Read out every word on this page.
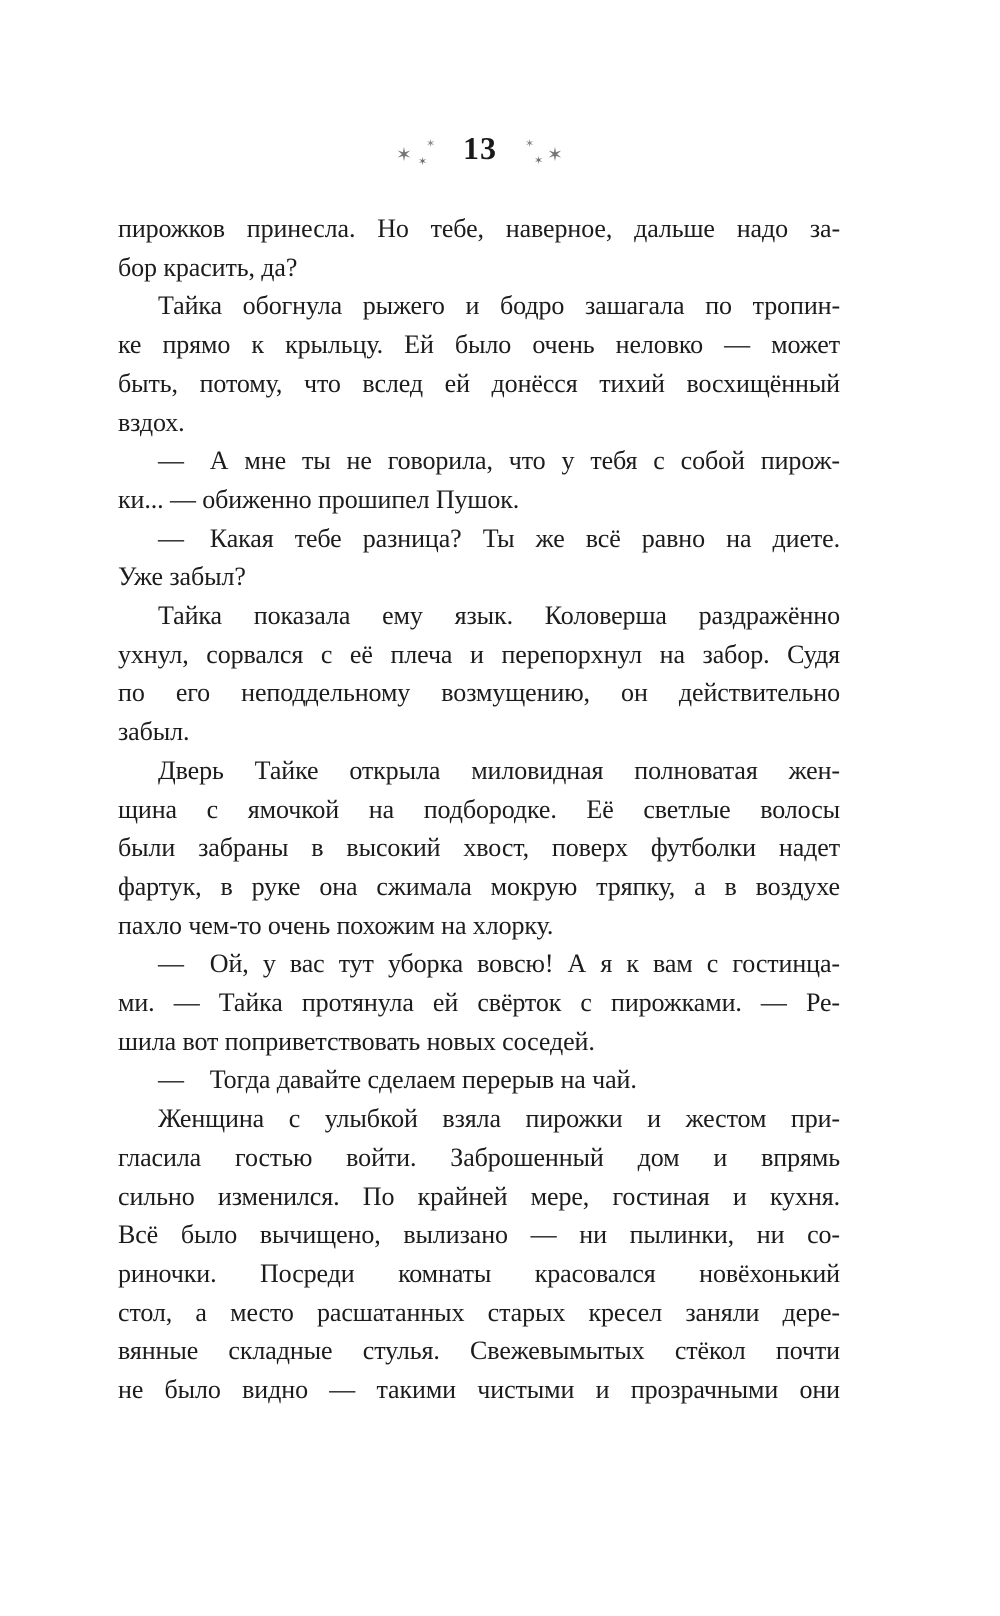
✶
✶ ✶	13	✶
✶ ✶
пирожков принесла. Но тебе, наверное, дальше надо за-
бор красить, да?
Тайка обогнула рыжего и бодро зашагала по тропин-
ке прямо к крыльцу. Ей было очень неловко — может
быть, потому, что вслед ей донёсся тихий восхищённый
вздох.
— А мне ты не говорила, что у тебя с собой пирож-
ки... — обиженно прошипел Пушок.
— Какая тебе разница? Ты же всё равно на диете.
Уже забыл?
Тайка показала ему язык. Коловерша раздражённо
ухнул, сорвался с её плеча и перепорхнул на забор. Судя
по его неподдельному возмущению, он действительно
забыл.
Дверь Тайке открыла миловидная полноватая жен-
щина с ямочкой на подбородке. Её светлые волосы
были забраны в высокий хвост, поверх футболки надет
фартук, в руке она сжимала мокрую тряпку, а в воздухе
пахло чем-то очень похожим на хлорку.
— Ой, у вас тут уборка вовсю! А я к вам с гостинца-
ми. — Тайка протянула ей свёрток с пирожками. — Ре-
шила вот поприветствовать новых соседей.
— Тогда давайте сделаем перерыв на чай.
Женщина с улыбкой взяла пирожки и жестом при-
гласила гостью войти. Заброшенный дом и впрямь
сильно изменился. По крайней мере, гостиная и кухня.
Всё было вычищено, вылизано — ни пылинки, ни со-
риночки. Посреди комнаты красовался новёхонький
стол, а место расшатанных старых кресел заняли дере-
вянные складные стулья. Свежевымытых стёкол почти
не было видно — такими чистыми и прозрачными они
